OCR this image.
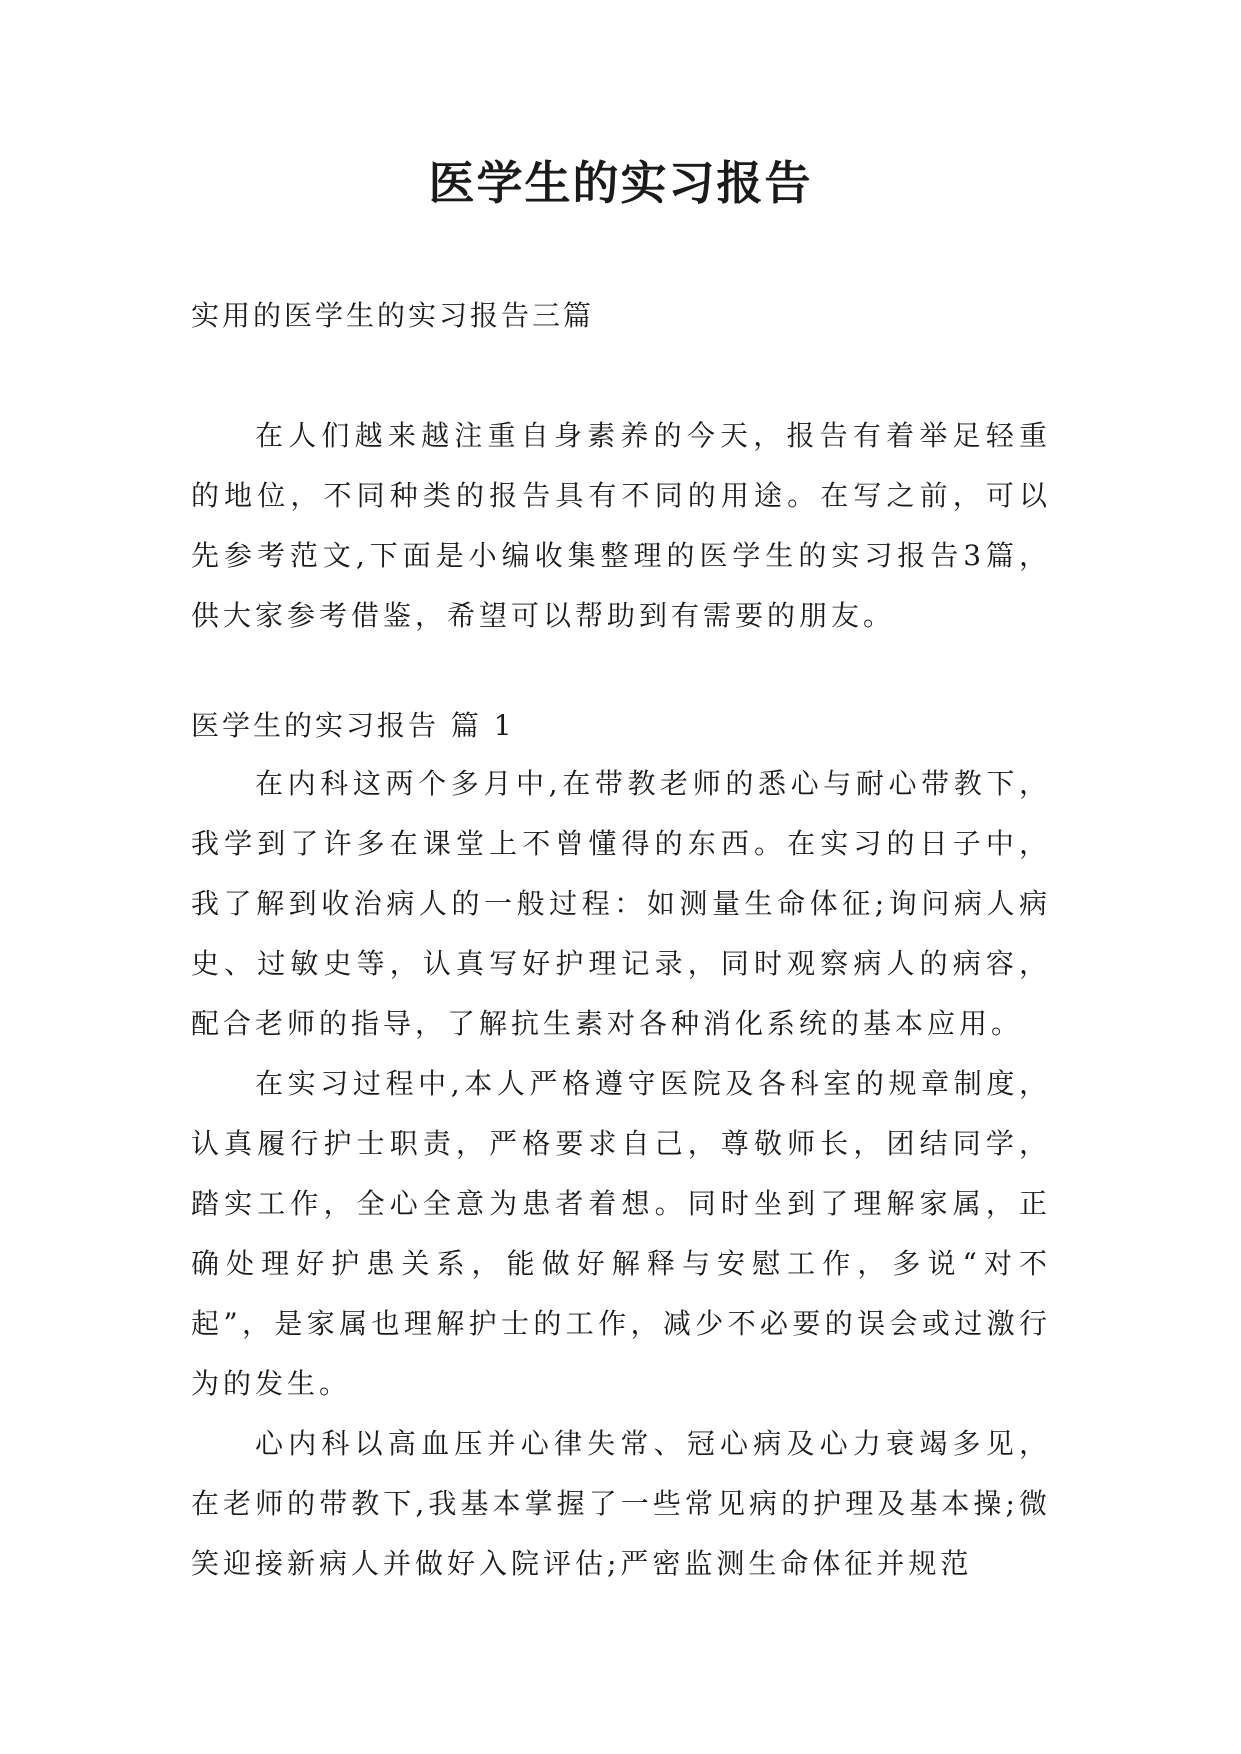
医学生的实习报告

实用的医学生的实习报告三篇

在人们越来越注重自身素养的今天，报告有着举足轻重的地位，不同种类的报告具有不同的用途。在写之前，可以先参考范文,下面是小编收集整理的医学生的实习报告3篇，供大家参考借鉴，希望可以帮助到有需要的朋友。

医学生的实习报告 篇 1

在内科这两个多月中,在带教老师的悉心与耐心带教下，我学到了许多在课堂上不曾懂得的东西。在实习的日子中，我了解到收治病人的一般过程：如测量生命体征;询问病人病史、过敏史等，认真写好护理记录，同时观察病人的病容，配合老师的指导，了解抗生素对各种消化系统的基本应用。

在实习过程中,本人严格遵守医院及各科室的规章制度，认真履行护士职责，严格要求自己，尊敬师长，团结同学，踏实工作，全心全意为患者着想。同时坐到了理解家属，正确处理好护患关系，能做好解释与安慰工作，多说“对不起”，是家属也理解护士的工作，减少不必要的误会或过激行为的发生。

心内科以高血压并心律失常、冠心病及心力衰竭多见，在老师的带教下,我基本掌握了一些常见病的护理及基本操;微笑迎接新病人并做好入院评估;严密监测生命体征并规范
